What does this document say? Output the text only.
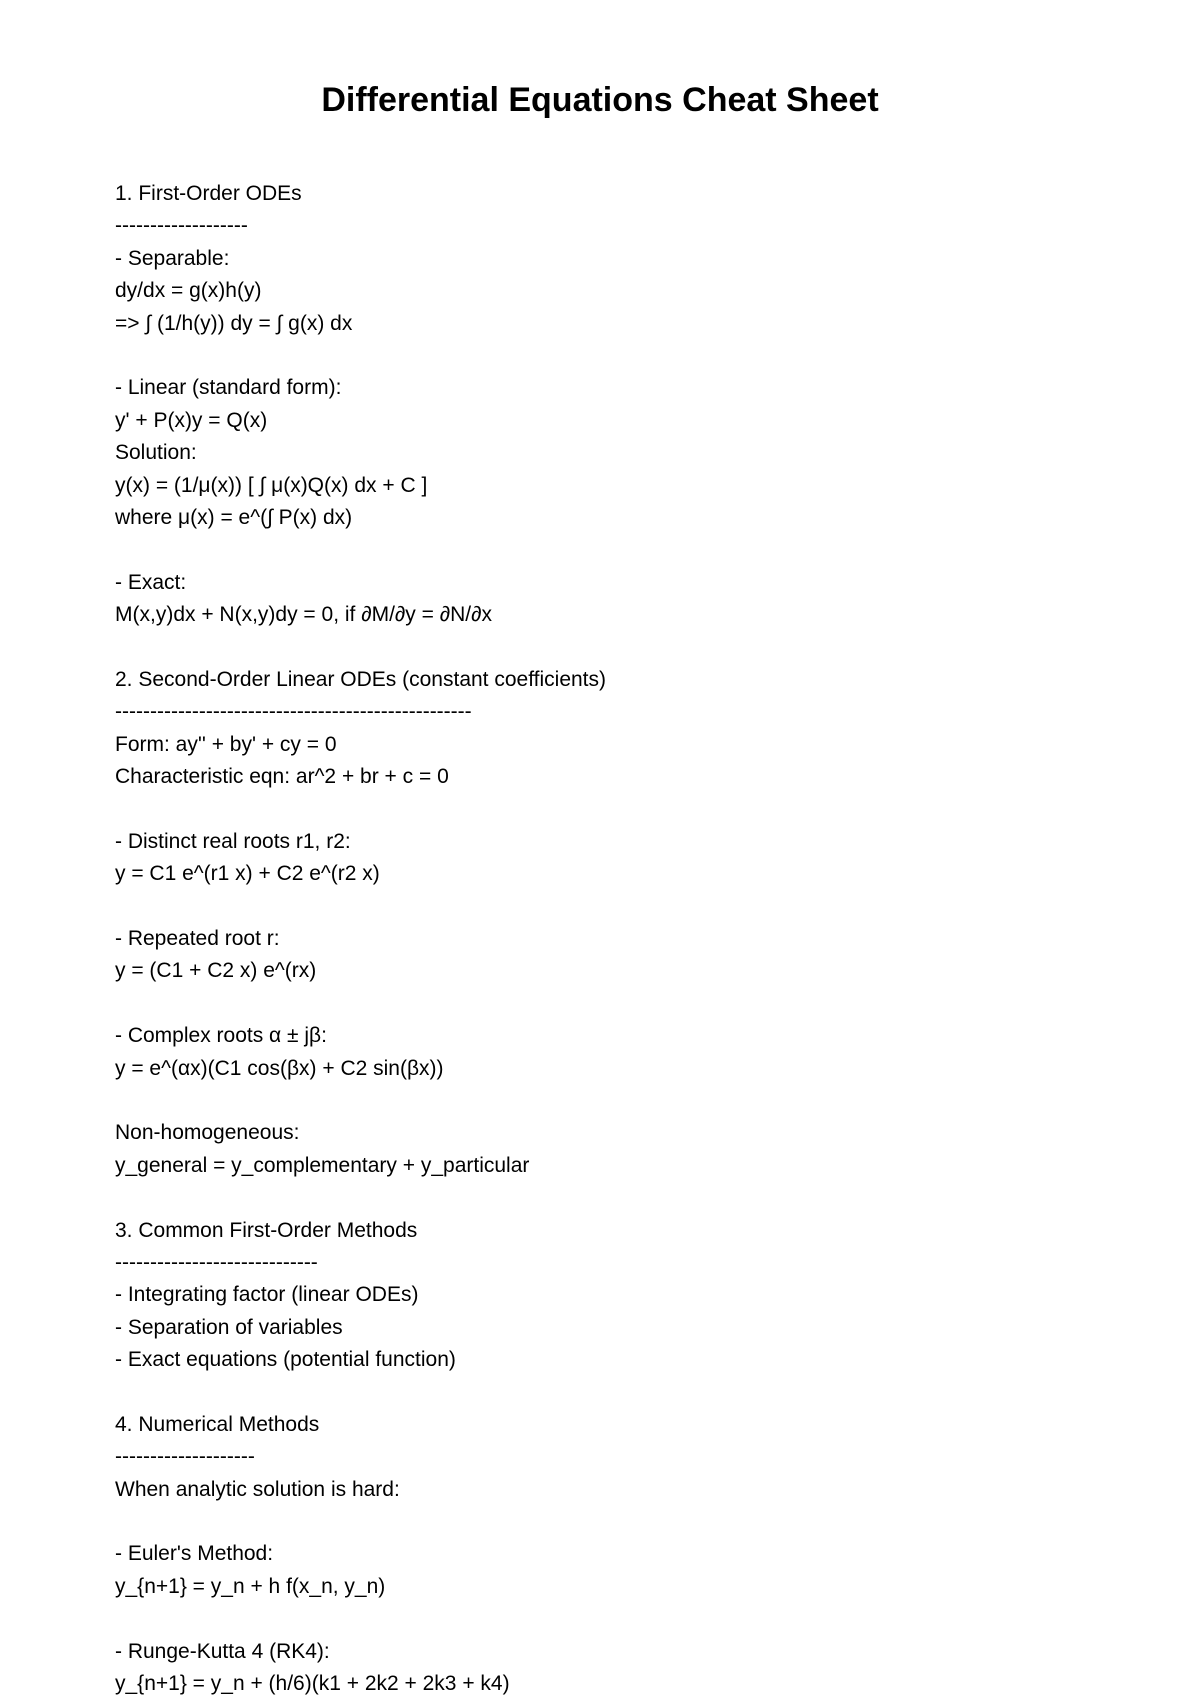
Differential Equations Cheat Sheet
1. First-Order ODEs
-------------------
- Separable:
dy/dx = g(x)h(y)
=> ∫ (1/h(y)) dy = ∫ g(x) dx
- Linear (standard form):
y' + P(x)y = Q(x)
Solution:
y(x) = (1/μ(x)) [ ∫ μ(x)Q(x) dx + C ]
where μ(x) = e^(∫ P(x) dx)
- Exact:
M(x,y)dx + N(x,y)dy = 0, if ∂M/∂y = ∂N/∂x
2. Second-Order Linear ODEs (constant coefficients)
---------------------------------------------------
Form: ay'' + by' + cy = 0
Characteristic eqn: ar^2 + br + c = 0
- Distinct real roots r1, r2:
y = C1 e^(r1 x) + C2 e^(r2 x)
- Repeated root r:
y = (C1 + C2 x) e^(rx)
- Complex roots α ± jβ:
y = e^(αx)(C1 cos(βx) + C2 sin(βx))
Non-homogeneous:
y_general = y_complementary + y_particular
3. Common First-Order Methods
-----------------------------
- Integrating factor (linear ODEs)
- Separation of variables
- Exact equations (potential function)
4. Numerical Methods
--------------------
When analytic solution is hard:
- Euler's Method:
y_{n+1} = y_n + h f(x_n, y_n)
- Runge-Kutta 4 (RK4):
y_{n+1} = y_n + (h/6)(k1 + 2k2 + 2k3 + k4)
